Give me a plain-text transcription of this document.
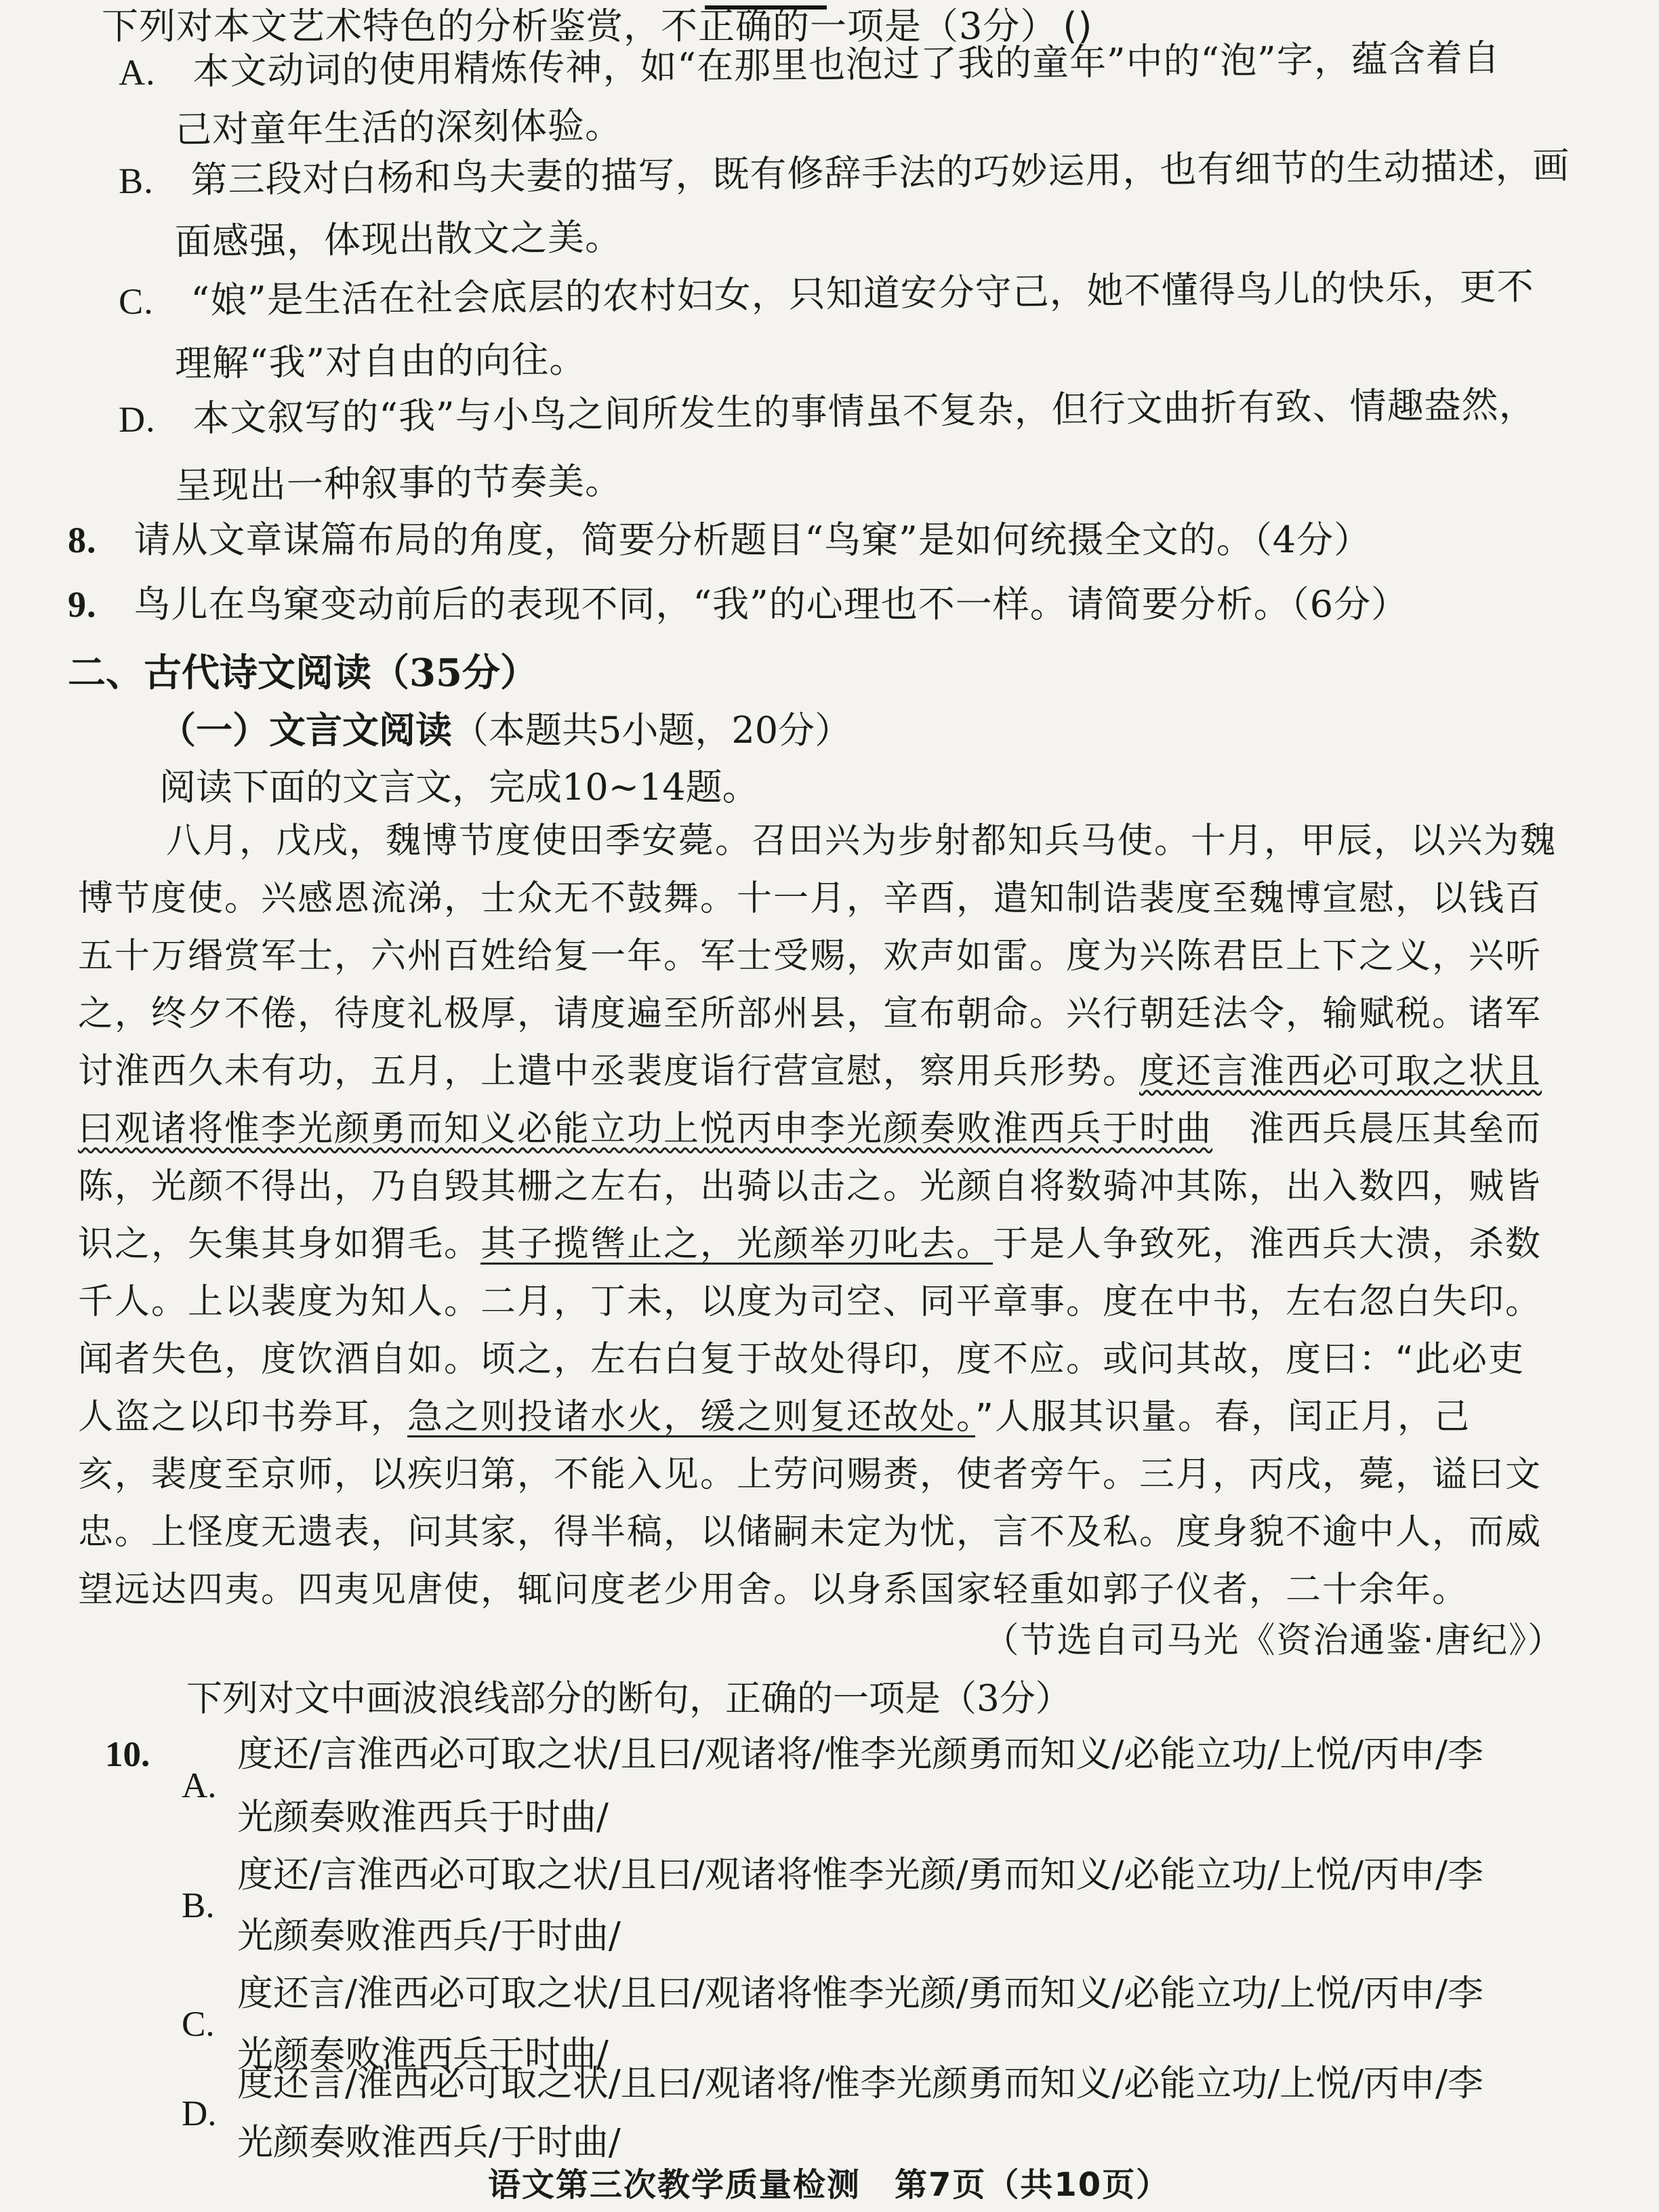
下列对本文艺术特色的分析鉴赏，不正确的一项是（3分） ()
A.　 本文动词的使用精炼传神，如“在那里也泡过了我的童年”中的“泡”字，蕴含着自
己对童年生活的深刻体验。
B.　 第三段对白杨和鸟夫妻的描写，既有修辞手法的巧妙运用，也有细节的生动描述，画
面感强，体现出散文之美。
C.　 “娘”是生活在社会底层的农村妇女，只知道安分守己，她不懂得鸟儿的快乐，更不
理解“我”对自由的向往。
D.　 本文叙写的“我”与小鸟之间所发生的事情虽不复杂，但行文曲折有致、情趣盎然，
呈现出一种叙事的节奏美。
8.　 请从文章谋篇布局的角度，简要分析题目“鸟窠”是如何统摄全文的。（4分）
9.　 鸟儿在鸟窠变动前后的表现不同，“我”的心理也不一样。请简要分析。（6分）
二、古代诗文阅读（35分）
（一）文言文阅读（本题共5小题，20分）
阅读下面的文言文，完成10~14题。
八月，戊戌，魏博节度使田季安薨。召田兴为步射都知兵马使。十月，甲辰，以兴为魏
博节度使。兴感恩流涕，士众无不鼓舞。十一月，辛酉，遣知制诰裴度至魏博宣慰，以钱百
五十万缗赏军士，六州百姓给复一年。军士受赐，欢声如雷。度为兴陈君臣上下之义，兴听
之，终夕不倦，待度礼极厚，请度遍至所部州县，宣布朝命。兴行朝廷法令，输赋税。诸军
讨淮西久未有功，五月，上遣中丞裴度诣行营宣慰，察用兵形势。度还言淮西必可取之状且
曰观诸将惟李光颜勇而知义必能立功上悦丙申李光颜奏败淮西兵于时曲　 淮西兵晨压其垒而
陈，光颜不得出，乃自毁其栅之左右，出骑以击之。光颜自将数骑冲其陈，出入数四，贼皆
识之，矢集其身如猬毛。其子揽辔止之，光颜举刃叱去。于是人争致死，淮西兵大溃，杀数
千人。上以裴度为知人。二月，丁未，以度为司空、同平章事。度在中书，左右忽白失印。
闻者失色，度饮酒自如。顷之，左右白复于故处得印，度不应。或问其故，度曰：“此必吏
人盗之以印书券耳，急之则投诸水火，缓之则复还故处。”人服其识量。春，闰正月，己
亥，裴度至京师，以疾归第，不能入见。上劳问赐赉，使者旁午。三月，丙戌，薨，谥曰文
忠。上怪度无遗表，问其家，得半稿，以储嗣未定为忧，言不及私。度身貌不逾中人，而威
望远达四夷。四夷见唐使，辄问度老少用舍。以身系国家轻重如郭子仪者，二十余年。
（节选自司马光《资治通鉴·唐纪》）
下列对文中画波浪线部分的断句，正确的一项是（3分）
10. 度还/言淮西必可取之状/且曰/观诸将/惟李光颜勇而知义/必能立功/上悦/丙申/李
A.
光颜奏败淮西兵于时曲/
度还/言淮西必可取之状/且曰/观诸将惟李光颜/勇而知义/必能立功/上悦/丙申/李
B.
光颜奏败淮西兵/于时曲/
度还言/淮西必可取之状/且曰/观诸将惟李光颜/勇而知义/必能立功/上悦/丙申/李
C.
光颜奏败淮西兵于时曲/
度还言/淮西必可取之状/且曰/观诸将/惟李光颜勇而知义/必能立功/上悦/丙申/李
D.
光颜奏败淮西兵/于时曲/
语文第三次教学质量检测　第7页（共10页）
